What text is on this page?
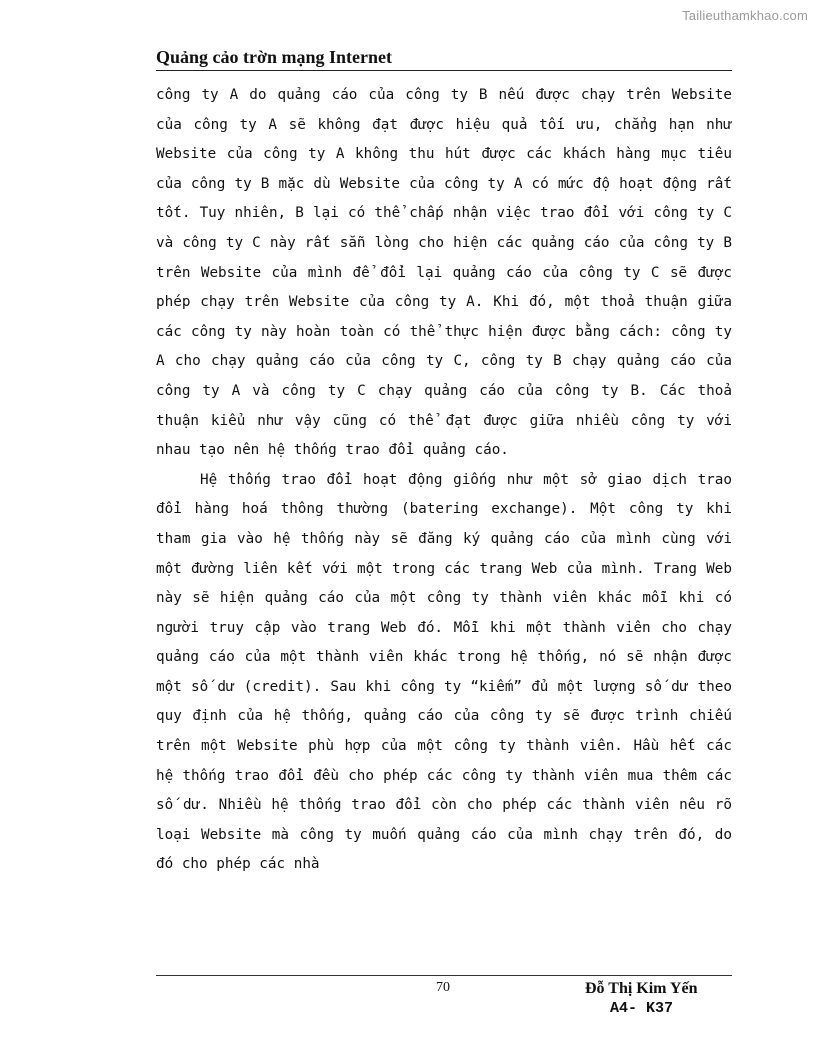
Tailieuthamkhao.com
Quảng cảo trờn mạng Internet

công ty A do quảng cáo của công ty B nếu được chạy trên Website của công ty A sẽ không đạt được hiệu quả tối ưu, chẳng hạn như Website của công ty A không thu hút được các khách hàng mục tiêu của công ty B mặc dù Website của công ty A có mức độ hoạt động rất tốt. Tuy nhiên, B lại có thể chấp nhận việc trao đổi với công ty C và công ty C này rất sẵn lòng cho hiện các quảng cáo của công ty B trên Website của mình để đổi lại quảng cáo của công ty C sẽ được phép chạy trên Website của công ty A. Khi đó, một thoả thuận giữa các công ty này hoàn toàn có thể thực hiện được bằng cách: công ty A cho chạy quảng cáo của công ty C, công ty B chạy quảng cáo của công ty A và công ty C chạy quảng cáo của công ty B. Các thoả thuận kiểu như vậy cũng có thể đạt được giữa nhiều công ty với nhau tạo nên hệ thống trao đổi quảng cáo.

Hệ thống trao đổi hoạt động giống như một sở giao dịch trao đổi hàng hoá thông thường (batering exchange). Một công ty khi tham gia vào hệ thống này sẽ đăng ký quảng cáo của mình cùng với một đường liên kết với một trong các trang Web của mình. Trang Web này sẽ hiện quảng cáo của một công ty thành viên khác mỗi khi có người truy cập vào trang Web đó. Mỗi khi một thành viên cho chạy quảng cáo của một thành viên khác trong hệ thống, nó sẽ nhận được một số dư (credit). Sau khi công ty “kiếm” đủ một lượng số dư theo quy định của hệ thống, quảng cáo của công ty sẽ được trình chiếu trên một Website phù hợp của một công ty thành viên. Hầu hết các hệ thống trao đổi đều cho phép các công ty thành viên mua thêm các số dư. Nhiều hệ thống trao đổi còn cho phép các thành viên nêu rõ loại Website mà công ty muốn quảng cáo của mình chạy trên đó, do đó cho phép các nhà

70	Đỗ Thị Kim Yến
A4- K37
